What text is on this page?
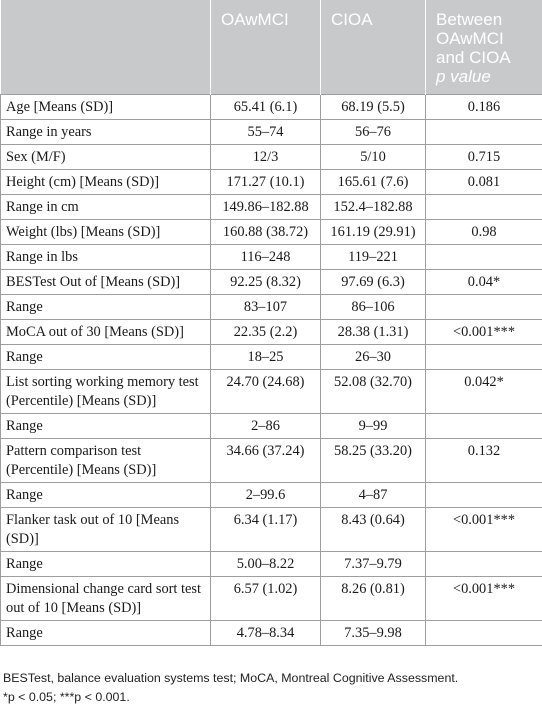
	OAwMCI	CIOA	Between OAwMCI and CIOA
p value
Age [Means (SD)]	65.41 (6.1)	68.19 (5.5)	0.186
Range in years	55–74	56–76	
Sex (M/F)	12/3	5/10	0.715
Height (cm) [Means (SD)]	171.27 (10.1)	165.61 (7.6)	0.081
Range in cm	149.86–182.88	152.4–182.88	
Weight (lbs) [Means (SD)]	160.88 (38.72)	161.19 (29.91)	0.98
Range in lbs	116–248	119–221	
BESTest Out of [Means (SD)]	92.25 (8.32)	97.69 (6.3)	0.04*
Range	83–107	86–106	
MoCA out of 30 [Means (SD)]	22.35 (2.2)	28.38 (1.31)	<0.001***
Range	18–25	26–30	
List sorting working memory test (Percentile) [Means (SD)]	24.70 (24.68)	52.08 (32.70)	0.042*
Range	2–86	9–99	
Pattern comparison test (Percentile) [Means (SD)]	34.66 (37.24)	58.25 (33.20)	0.132
Range	2–99.6	4–87	
Flanker task out of 10 [Means (SD)]	6.34 (1.17)	8.43 (0.64)	<0.001***
Range	5.00–8.22	7.37–9.79	
Dimensional change card sort test out of 10 [Means (SD)]	6.57 (1.02)	8.26 (0.81)	<0.001***
Range	4.78–8.34	7.35–9.98	

BESTest, balance evaluation systems test; MoCA, Montreal Cognitive Assessment.

*p < 0.05; ***p < 0.001.
